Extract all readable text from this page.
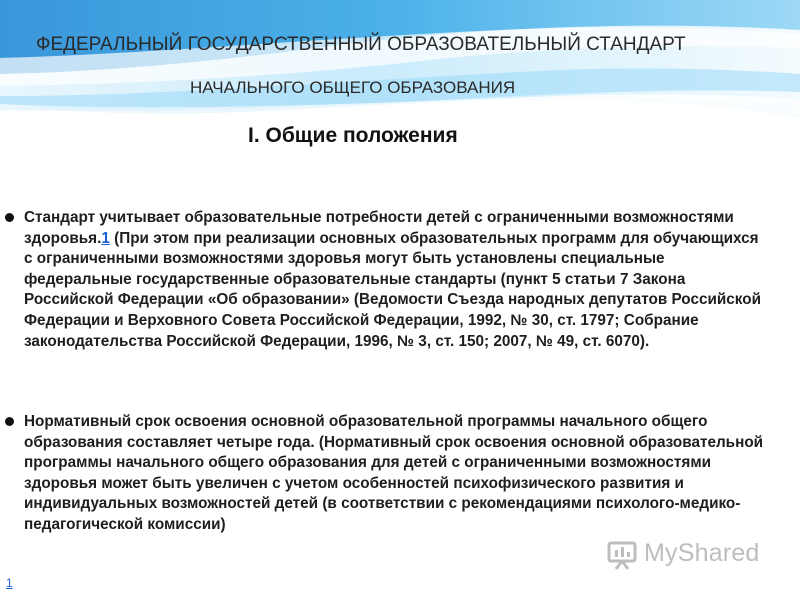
ФЕДЕРАЛЬНЫЙ ГОСУДАРСТВЕННЫЙ ОБРАЗОВАТЕЛЬНЫЙ СТАНДАРТ
НАЧАЛЬНОГО ОБЩЕГО ОБРАЗОВАНИЯ
I. Общие положения
Стандарт учитывает образовательные потребности детей с ограниченными возможностями здоровья.1 (При этом при реализации основных образовательных программ для обучающихся с ограниченными возможностями здоровья могут быть установлены специальные федеральные государственные образовательные стандарты (пункт 5 статьи 7 Закона Российской Федерации «Об образовании» (Ведомости Съезда народных депутатов Российской Федерации и Верховного Совета Российской Федерации, 1992, № 30, ст. 1797; Собрание законодательства Российской Федерации, 1996, № 3, ст. 150; 2007, № 49, ст. 6070).
Нормативный срок освоения основной образовательной программы начального общего образования составляет четыре года. (Нормативный срок освоения основной образовательной программы начального общего образования для детей с ограниченными возможностями здоровья может быть увеличен с учетом особенностей психофизического развития и индивидуальных возможностей детей (в соответствии с рекомендациями психолого-медико-педагогической комиссии)
1
MyShared
